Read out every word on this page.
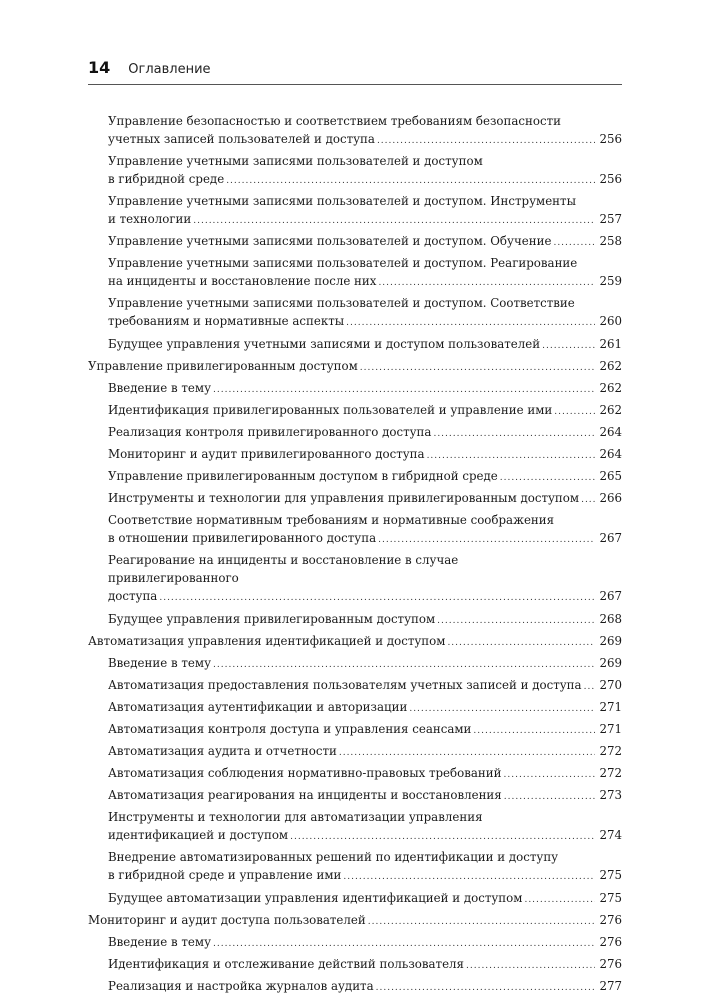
14 Оглавление
Управление безопасностью и соответствием требованиям безопасности
учетных записей пользователей и доступа .....	256
Управление учетными записями пользователей и доступом
в гибридной среде .....	256
Управление учетными записями пользователей и доступом. Инструменты
и технологии .....	257
Управление учетными записями пользователей и доступом. Обучение .....	258
Управление учетными записями пользователей и доступом. Реагирование
на инциденты и восстановление после них .....	259
Управление учетными записями пользователей и доступом. Соответствие
требованиям и нормативные аспекты .....	260
Будущее управления учетными записями и доступом пользователей .....	261
Управление привилегированным доступом .....	262
Введение в тему .....	262
Идентификация привилегированных пользователей и управление ими .....	262
Реализация контроля привилегированного доступа .....	264
Мониторинг и аудит привилегированного доступа .....	264
Управление привилегированным доступом в гибридной среде .....	265
Инструменты и технологии для управления привилегированным доступом ..... 266
Соответствие нормативным требованиям и нормативные соображения
в отношении привилегированного доступа .....	267
Реагирование на инциденты и восстановление в случае привилегированного
доступа .....	267
Будущее управления привилегированным доступом .....	268
Автоматизация управления идентификацией и доступом .....	269
Введение в тему .....	269
Автоматизация предоставления пользователям учетных записей и доступа ..... 270
Автоматизация аутентификации и авторизации .....	271
Автоматизация контроля доступа и управления сеансами .....	271
Автоматизация аудита и отчетности .....	272
Автоматизация соблюдения нормативно-правовых требований .....	272
Автоматизация реагирования на инциденты и восстановления .....	273
Инструменты и технологии для автоматизации управления
идентификацией и доступом .....	274
Внедрение автоматизированных решений по идентификации и доступу
в гибридной среде и управление ими .....	275
Будущее автоматизации управления идентификацией и доступом .....	275
Мониторинг и аудит доступа пользователей .....	276
Введение в тему .....	276
Идентификация и отслеживание действий пользователя .....	276
Реализация и настройка журналов аудита .....	277
